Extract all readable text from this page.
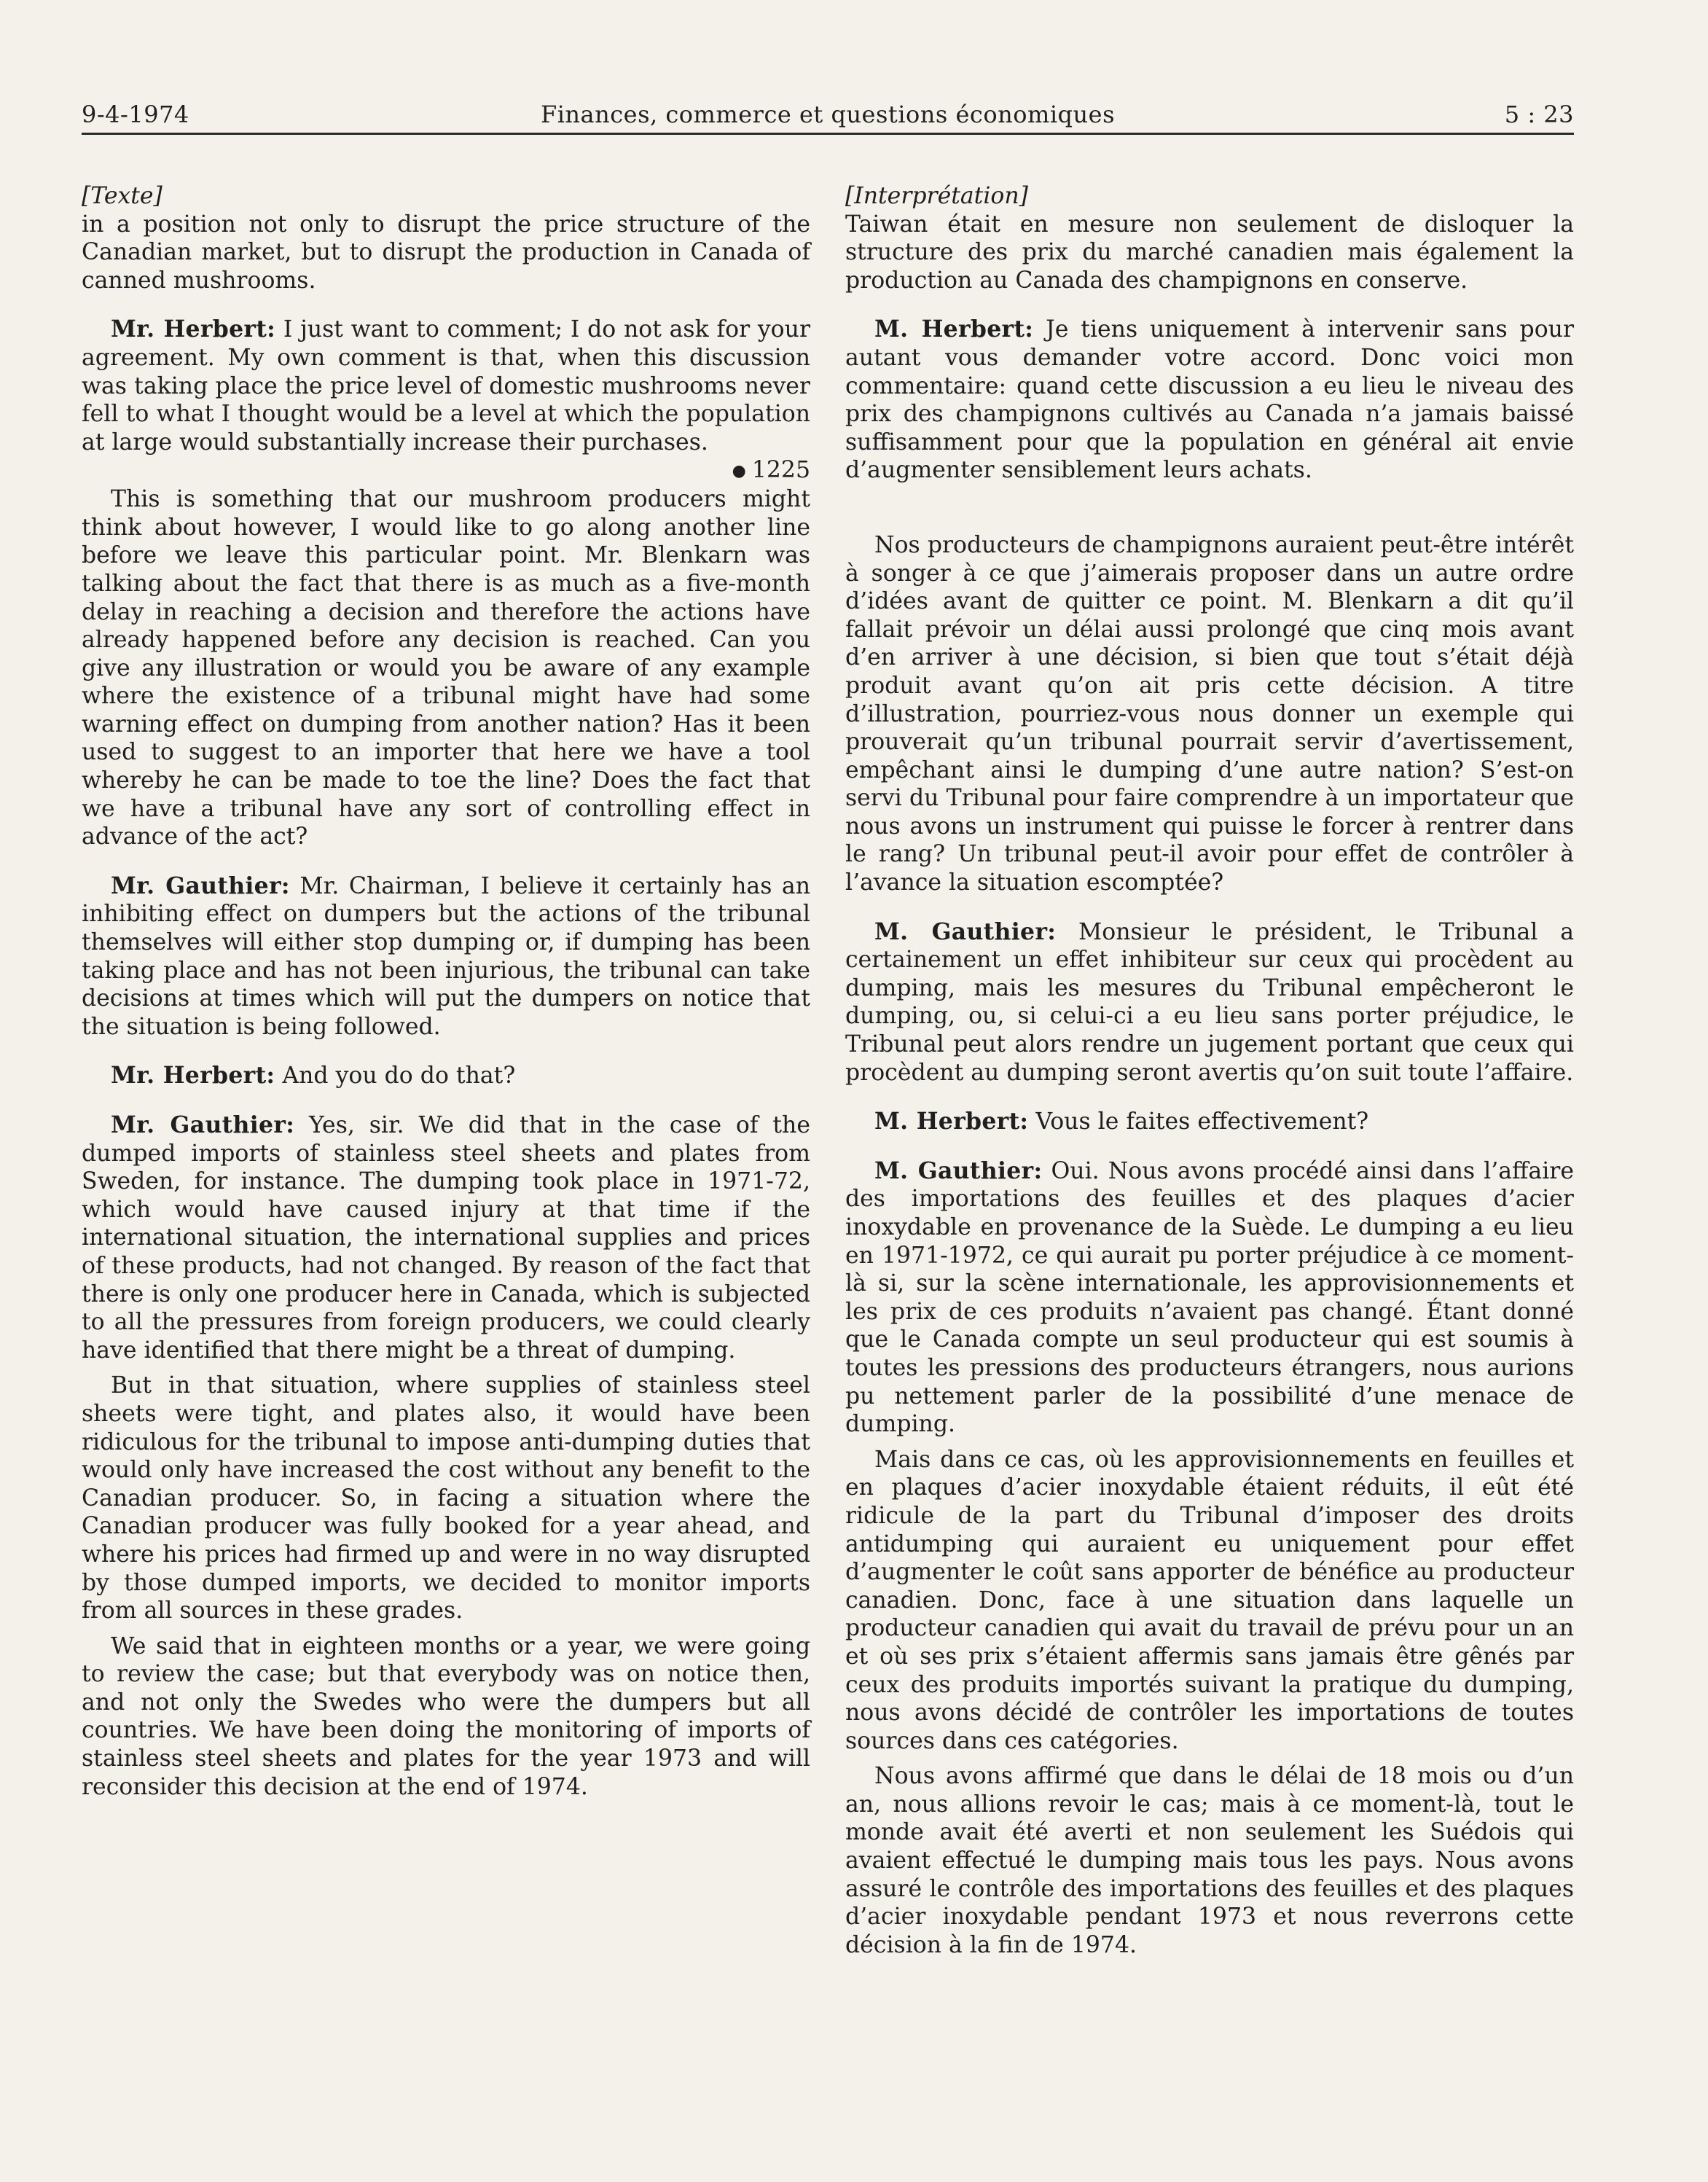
9-4-1974	Finances, commerce et questions économiques	5 : 23

[Texte]

in a position not only to disrupt the price structure of the Canadian market, but to disrupt the production in Canada of canned mushrooms.

Mr. Herbert: I just want to comment; I do not ask for your agreement. My own comment is that, when this discussion was taking place the price level of domestic mushrooms never fell to what I thought would be a level at which the population at large would substantially increase their purchases.

● 1225

This is something that our mushroom producers might think about however, I would like to go along another line before we leave this particular point. Mr. Blenkarn was talking about the fact that there is as much as a five-month delay in reaching a decision and therefore the actions have already happened before any decision is reached. Can you give any illustration or would you be aware of any example where the existence of a tribunal might have had some warning effect on dumping from another nation? Has it been used to suggest to an importer that here we have a tool whereby he can be made to toe the line? Does the fact that we have a tribunal have any sort of controlling effect in advance of the act?

Mr. Gauthier: Mr. Chairman, I believe it certainly has an inhibiting effect on dumpers but the actions of the tribunal themselves will either stop dumping or, if dumping has been taking place and has not been injurious, the tribunal can take decisions at times which will put the dumpers on notice that the situation is being followed.

Mr. Herbert: And you do do that?

Mr. Gauthier: Yes, sir. We did that in the case of the dumped imports of stainless steel sheets and plates from Sweden, for instance. The dumping took place in 1971-72, which would have caused injury at that time if the international situation, the international supplies and prices of these products, had not changed. By reason of the fact that there is only one producer here in Canada, which is subjected to all the pressures from foreign producers, we could clearly have identified that there might be a threat of dumping.

But in that situation, where supplies of stainless steel sheets were tight, and plates also, it would have been ridiculous for the tribunal to impose anti-dumping duties that would only have increased the cost without any benefit to the Canadian producer. So, in facing a situation where the Canadian producer was fully booked for a year ahead, and where his prices had firmed up and were in no way disrupted by those dumped imports, we decided to monitor imports from all sources in these grades.

We said that in eighteen months or a year, we were going to review the case; but that everybody was on notice then, and not only the Swedes who were the dumpers but all countries. We have been doing the monitoring of imports of stainless steel sheets and plates for the year 1973 and will reconsider this decision at the end of 1974.

[Interprétation]

Taiwan était en mesure non seulement de disloquer la structure des prix du marché canadien mais également la production au Canada des champignons en conserve.

M. Herbert: Je tiens uniquement à intervenir sans pour autant vous demander votre accord. Donc voici mon commentaire: quand cette discussion a eu lieu le niveau des prix des champignons cultivés au Canada n’a jamais baissé suffisamment pour que la population en général ait envie d’augmenter sensiblement leurs achats.

Nos producteurs de champignons auraient peut-être intérêt à songer à ce que j’aimerais proposer dans un autre ordre d’idées avant de quitter ce point. M. Blenkarn a dit qu’il fallait prévoir un délai aussi prolongé que cinq mois avant d’en arriver à une décision, si bien que tout s’était déjà produit avant qu’on ait pris cette décision. A titre d’illustration, pourriez-vous nous donner un exemple qui prouverait qu’un tribunal pourrait servir d’avertissement, empêchant ainsi le dumping d’une autre nation? S’est-on servi du Tribunal pour faire comprendre à un importateur que nous avons un instrument qui puisse le forcer à rentrer dans le rang? Un tribunal peut-il avoir pour effet de contrôler à l’avance la situation escomptée?

M. Gauthier: Monsieur le président, le Tribunal a certainement un effet inhibiteur sur ceux qui procèdent au dumping, mais les mesures du Tribunal empêcheront le dumping, ou, si celui-ci a eu lieu sans porter préjudice, le Tribunal peut alors rendre un jugement portant que ceux qui procèdent au dumping seront avertis qu’on suit toute l’affaire.

M. Herbert: Vous le faites effectivement?

M. Gauthier: Oui. Nous avons procédé ainsi dans l’affaire des importations des feuilles et des plaques d’acier inoxydable en provenance de la Suède. Le dumping a eu lieu en 1971-1972, ce qui aurait pu porter préjudice à ce moment-là si, sur la scène internationale, les approvisionnements et les prix de ces produits n’avaient pas changé. Étant donné que le Canada compte un seul producteur qui est soumis à toutes les pressions des producteurs étrangers, nous aurions pu nettement parler de la possibilité d’une menace de dumping.

Mais dans ce cas, où les approvisionnements en feuilles et en plaques d’acier inoxydable étaient réduits, il eût été ridicule de la part du Tribunal d’imposer des droits antidumping qui auraient eu uniquement pour effet d’augmenter le coût sans apporter de bénéfice au producteur canadien. Donc, face à une situation dans laquelle un producteur canadien qui avait du travail de prévu pour un an et où ses prix s’étaient affermis sans jamais être gênés par ceux des produits importés suivant la pratique du dumping, nous avons décidé de contrôler les importations de toutes sources dans ces catégories.

Nous avons affirmé que dans le délai de 18 mois ou d’un an, nous allions revoir le cas; mais à ce moment-là, tout le monde avait été averti et non seulement les Suédois qui avaient effectué le dumping mais tous les pays. Nous avons assuré le contrôle des importations des feuilles et des plaques d’acier inoxydable pendant 1973 et nous reverrons cette décision à la fin de 1974.
